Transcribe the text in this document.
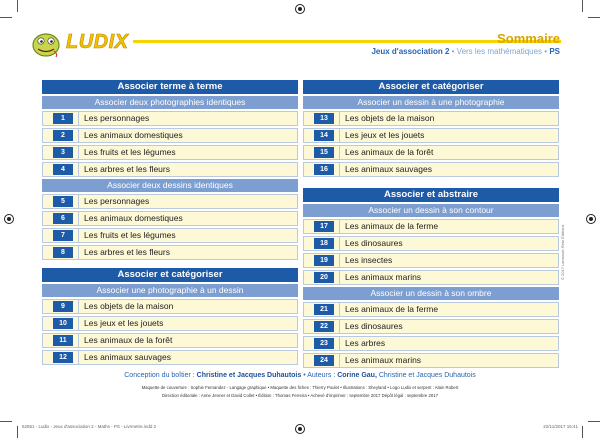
LUDIX	Sommaire
Jeux d'association 2 • Vers les mathématiques • PS
Associer terme à terme
Associer deux photographies identiques
1	Les personnages
2	Les animaux domestiques
3	Les fruits et les légumes
4	Les arbres et les fleurs
Associer deux dessins identiques
5	Les personnages
6	Les animaux domestiques
7	Les fruits et les légumes
8	Les arbres et les fleurs
Associer et catégoriser
Associer une photographie à un dessin
9	Les objets de la maison
10	Les jeux et les jouets
11	Les animaux de la forêt
12	Les animaux sauvages
Associer et catégoriser
Associer un dessin à une photographie
13	Les objets de la maison
14	Les jeux et les jouets
15	Les animaux de la forêt
16	Les animaux sauvages
Associer et abstraire
Associer un dessin à son contour
17	Les animaux de la ferme
18	Les dinosaures
19	Les insectes
20	Les animaux marins
Associer un dessin à son ombre
21	Les animaux de la ferme
22	Les dinosaures
23	Les arbres
24	Les animaux marins
© 2017 Larousse-Retz Éditions
Conception du boîtier : Christine et Jacques Duhautois • Auteurs : Corine Gau, Christine et Jacques Duhautois
Maquette de couverture : Sophie Fernandez - Langage graphique • Maquette des fiches : Thierry Poulet • Illustrations : Sheyland • Logo Ludix et serpent : Alain Robert
Direction éditoriale : Anne Jenner et David Collet • Édition : Thomas Ferreira • Achevé d'imprimer : septembre 2017 Dépôt légal : septembre 2017
52551 - Ludix - Jeux d'association 2 - Maths - PS - Livrmetre.indd 2	22/11/2017 15:41
